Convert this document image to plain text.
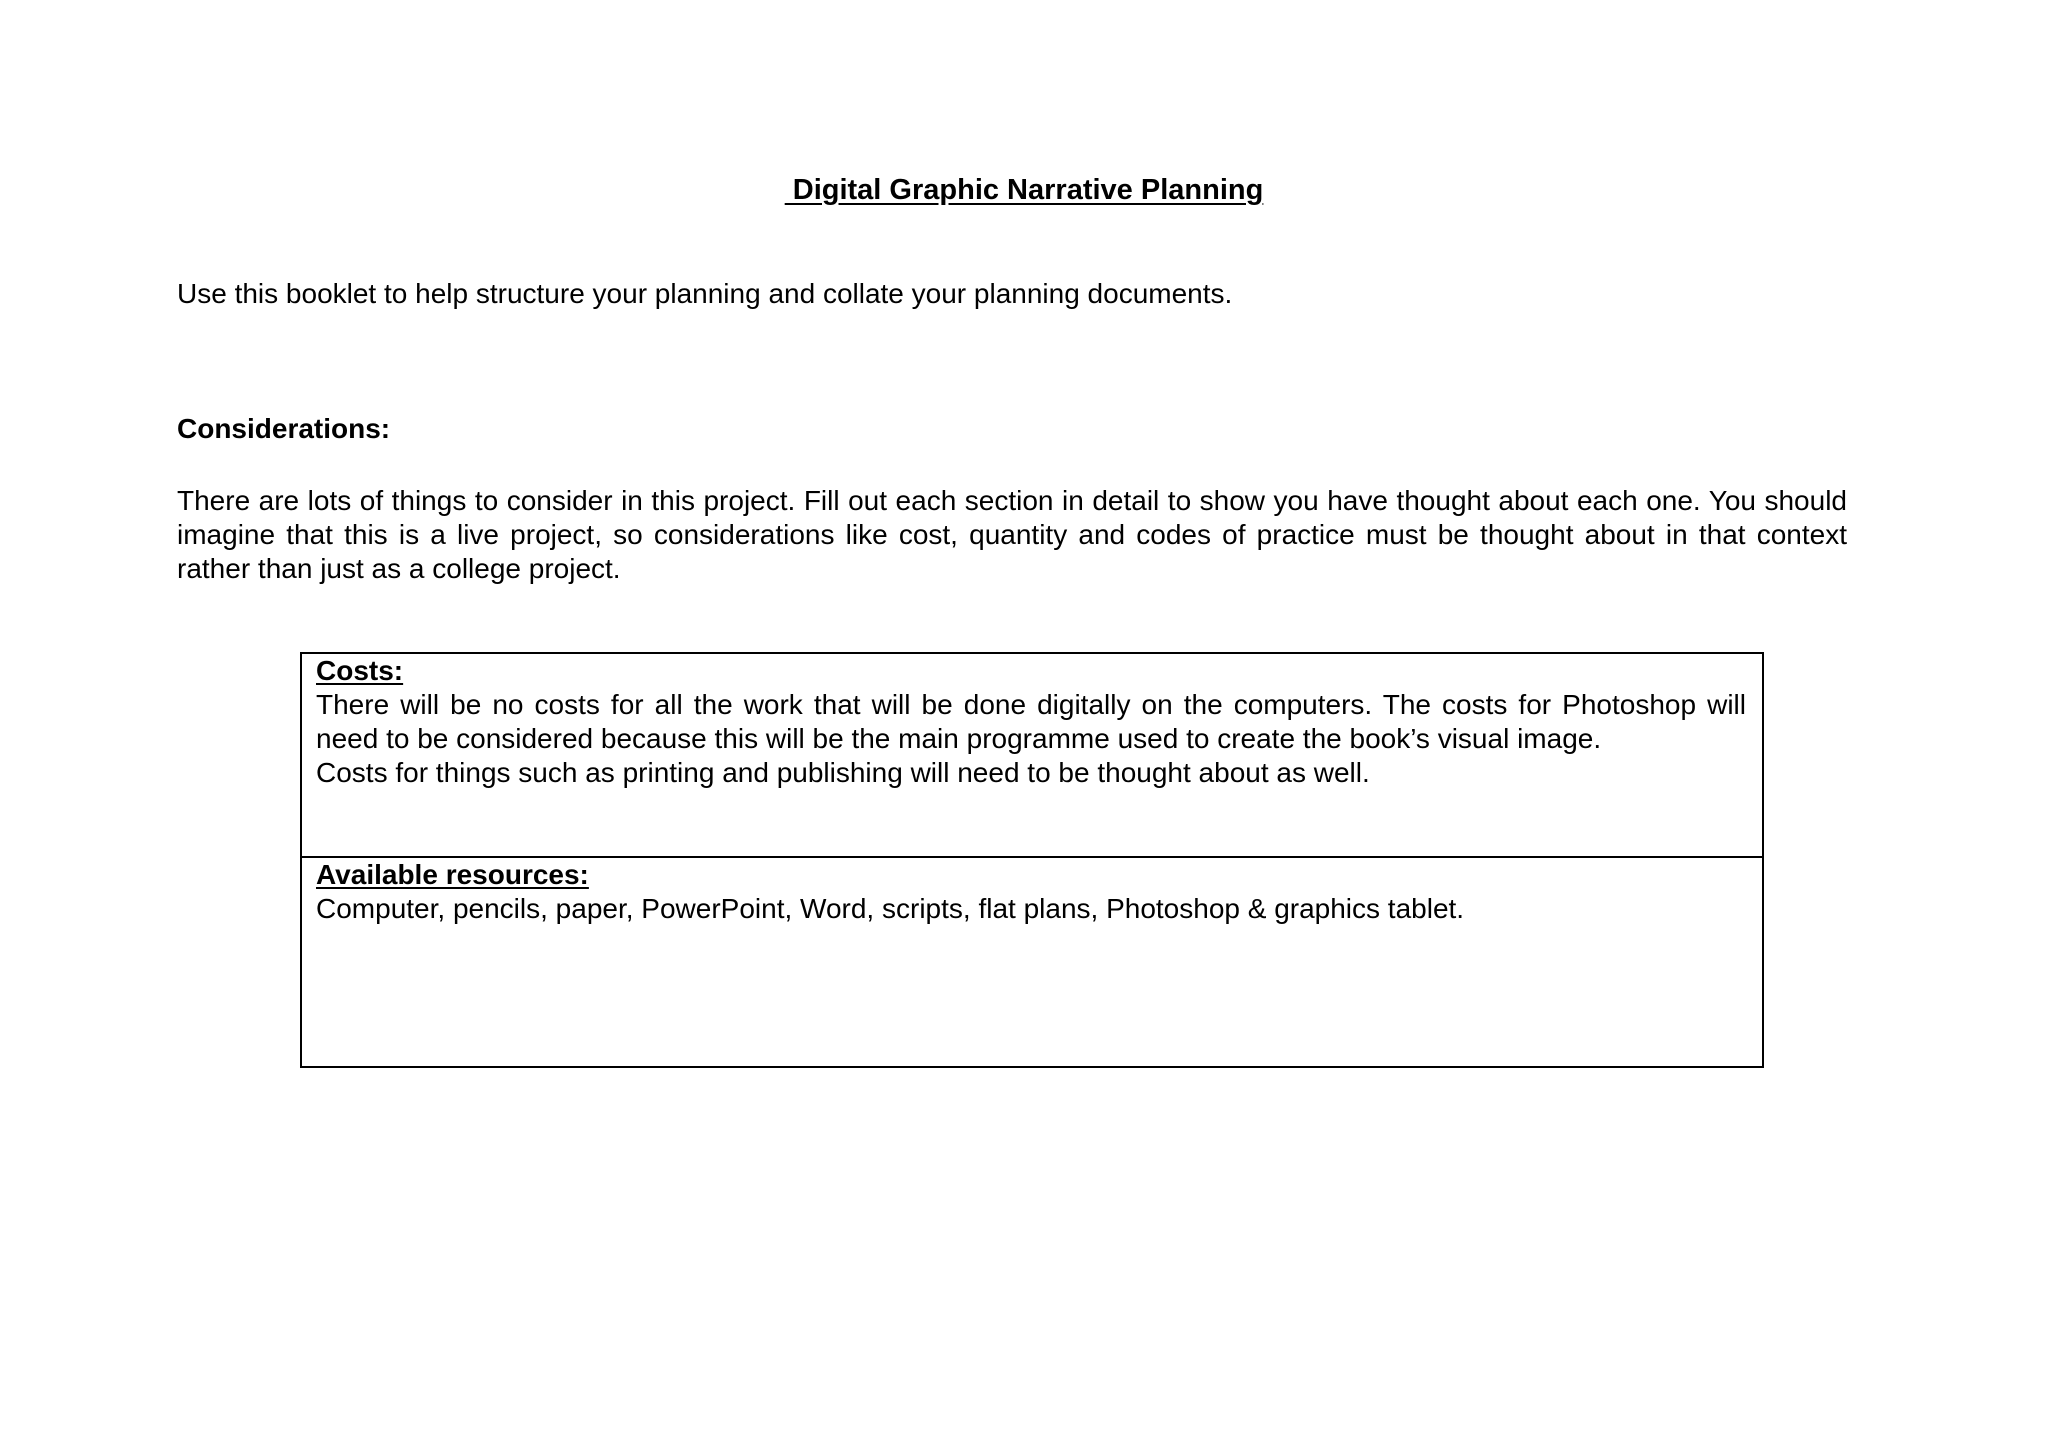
Digital Graphic Narrative Planning
Use this booklet to help structure your planning and collate your planning documents.
Considerations:
There are lots of things to consider in this project. Fill out each section in detail to show you have thought about each one. You should imagine that this is a live project, so considerations like cost, quantity and codes of practice must be thought about in that context rather than just as a college project.
Costs:
There will be no costs for all the work that will be done digitally on the computers. The costs for Photoshop will need to be considered because this will be the main programme used to create the book’s visual image.
Costs for things such as printing and publishing will need to be thought about as well.

Available resources:
Computer, pencils, paper, PowerPoint, Word, scripts, flat plans, Photoshop & graphics tablet.
